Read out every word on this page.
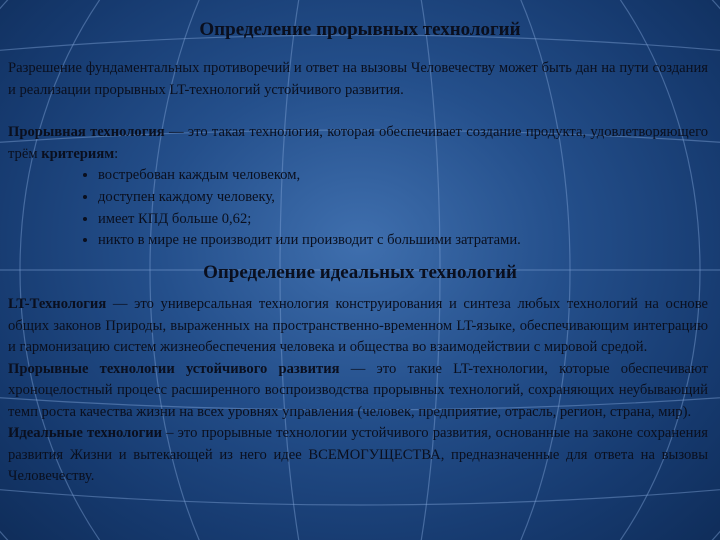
Определение прорывных технологий
Разрешение фундаментальных противоречий и ответ на вызовы Человечеству может быть дан на пути создания и реализации прорывных LT-технологий устойчивого развития.
Прорывная технология — это такая технология, которая обеспечивает создание продукта, удовлетворяющего трём критериям:
• востребован каждым человеком,
• доступен каждому человеку,
• имеет КПД больше 0,62;
• никто в мире не производит или производит с большими затратами.
Определение идеальных технологий

LT-Технология — это универсальная технология конструирования и синтеза любых технологий на основе общих законов Природы, выраженных на пространственно-временном LT-языке, обеспечивающим интеграцию и гармонизацию систем жизнеобеспечения человека и общества во взаимодействии с мировой средой.

Прорывные технологии устойчивого развития — это такие LT-технологии, которые обеспечивают хроноцелостный процесс расширенного воспроизводства прорывных технологий, сохраняющих неубывающий темп роста качества жизни на всех уровнях управления (человек, предприятие, отрасль, регион, страна, мир).

Идеальные технологии – это прорывные технологии устойчивого развития, основанные на законе сохранения развития Жизни и вытекающей из него идее ВСЕМОГУЩЕСТВА, предназначенные для ответа на вызовы Человечеству.
